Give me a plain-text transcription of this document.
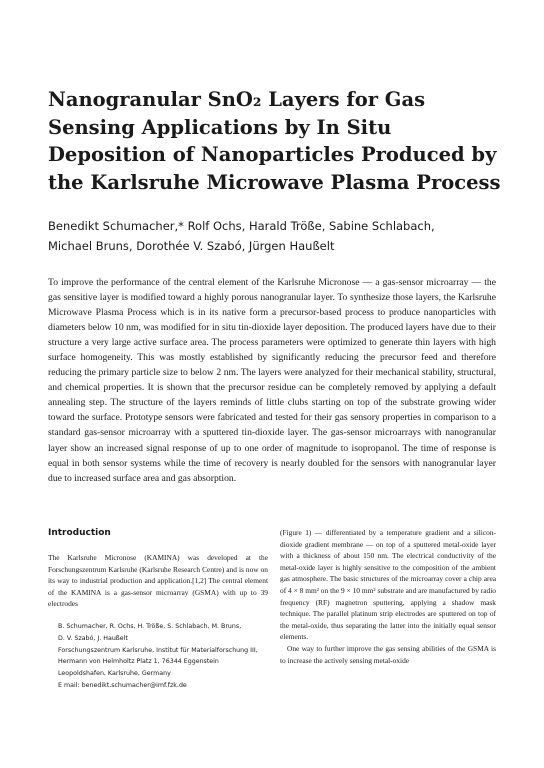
Nanogranular SnO₂ Layers for Gas Sensing Applications by In Situ Deposition of Nanoparticles Produced by the Karlsruhe Microwave Plasma Process
Benedikt Schumacher,* Rolf Ochs, Harald Tröße, Sabine Schlabach,
Michael Bruns, Dorothée V. Szabó, Jürgen Haußelt

To improve the performance of the central element of the Karlsruhe Micronose — a gas-sensor microarray — the gas sensitive layer is modified toward a highly porous nanogranular layer. To synthesize those layers, the Karlsruhe Microwave Plasma Process which is in its native form a precursor-based process to produce nanoparticles with diameters below 10 nm, was modified for in situ tin-dioxide layer deposition. The produced layers have due to their structure a very large active surface area. The process parameters were optimized to generate thin layers with high surface homogeneity. This was mostly established by significantly reducing the precursor feed and therefore reducing the primary particle size to below 2 nm. The layers were analyzed for their mechanical stability, structural, and chemical properties. It is shown that the precursor residue can be completely removed by applying a default annealing step. The structure of the layers reminds of little clubs starting on top of the substrate growing wider toward the surface. Prototype sensors were fabricated and tested for their gas sensory properties in comparison to a standard gas-sensor microarray with a sputtered tin-dioxide layer. The gas-sensor microarrays with nanogranular layer show an increased signal response of up to one order of magnitude to isopropanol. The time of response is equal in both sensor systems while the time of recovery is nearly doubled for the sensors with nanogranular layer due to increased surface area and gas absorption.

Introduction

The Karlsruhe Micronose (KAMINA) was developed at the Forschungszentrum Karlsruhe (Karlsruhe Research Centre) and is now on its way to industrial production and application.[1,2] The central element of the KAMINA is a gas-sensor microarray (GSMA) with up to 39 electrodes

B. Schumacher, R. Ochs, H. Tröße, S. Schlabach, M. Bruns,
D. V. Szabó, J. Haußelt
Forschungszentrum Karlsruhe, Institut für Materialforschung III,
Hermann von Helmholtz Platz 1, 76344 Eggenstein
Leopoldshafen, Karlsruhe, Germany
E mail: benedikt.schumacher@imf.fzk.de

(Figure 1) — differentiated by a temperature gradient and a silicon-dioxide gradient membrane — on top of a sputtered metal-oxide layer with a thickness of about 150 nm. The electrical conductivity of the metal-oxide layer is highly sensitive to the composition of the ambient gas atmosphere. The basic structures of the microarray cover a chip area of 4 × 8 mm² on the 9 × 10 mm² substrate and are manufactured by radio frequency (RF) magnetron sputtering, applying a shadow mask technique. The parallel platinum strip electrodes are sputtered on top of the metal-oxide, thus separating the latter into the initially equal sensor elements.

One way to further improve the gas sensing abilities of the GSMA is to increase the actively sensing metal-oxide
